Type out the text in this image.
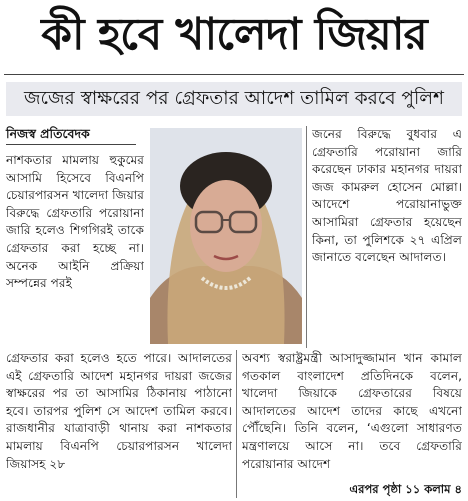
কী হবে খালেদা জিয়ার
জজের স্বাক্ষরের পর গ্রেফতার আদেশ তামিল করবে পুলিশ
নিজস্ব প্রতিবেদক

নাশকতার মামলায় হুকুমের আসামি হিসেবে বিএনপি চেয়ারপারসন খালেদা জিয়ার বিরুদ্ধে গ্রেফতারি পরোয়ানা জারি হলেও শিগগিরই তাকে গ্রেফতার করা হচ্ছে না। অনেক আইনি প্রক্রিয়া সম্পন্নের পরই

জনের বিরুদ্ধে বুধবার এ গ্রেফতারি পরোয়ানা জারি করেছেন ঢাকার মহানগর দায়রা জজ কামরুল হোসেন মোল্লা। আদেশে পরোয়ানাভুক্ত আসামিরা গ্রেফতার হয়েছেন কিনা, তা পুলিশকে ২৭ এপ্রিল জানাতে বলেছেন আদালত।

গ্রেফতার করা হলেও হতে পারে। আদালতের এই গ্রেফতারি আদেশ মহানগর দায়রা জজের স্বাক্ষরের পর তা আসামির ঠিকানায় পাঠানো হবে। তারপর পুলিশ সে আদেশ তামিল করবে। রাজধানীর যাত্রাবাড়ী থানায় করা নাশকতার মামলায় বিএনপি চেয়ারপারসন খালেদা জিয়াসহ ২৮

অবশ্য স্বরাষ্ট্রমন্ত্রী আসাদুজ্জামান খান কামাল গতকাল বাংলাদেশ প্রতিদিনকে বলেন, খালেদা জিয়াকে গ্রেফতারের বিষয়ে আদালতের আদেশ তাদের কাছে এখনো পৌঁছেনি। তিনি বলেন, ‘এগুলো সাধারণত মন্ত্রণালয়ে আসে না। তবে গ্রেফতারি পরোয়ানার আদেশ

এরপর পৃষ্ঠা ১১ কলাম ৪
